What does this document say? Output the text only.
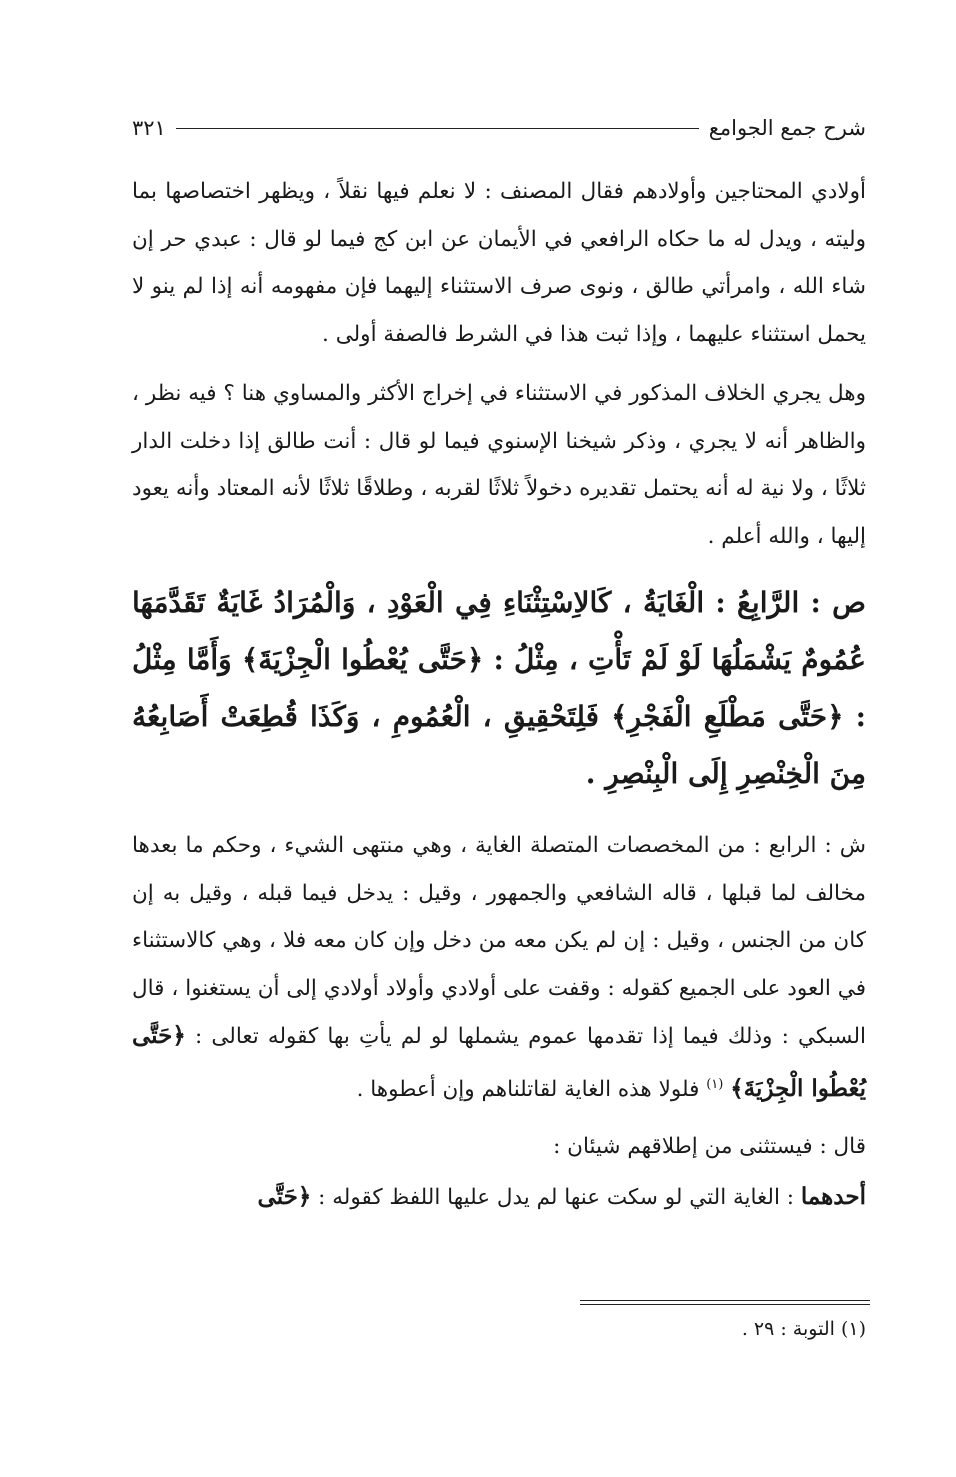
شرح جمع الجوامع
٣٢١

أولادي المحتاجين وأولادهم فقال المصنف : لا نعلم فيها نقلاً ، ويظهر اختصاصها بما وليته ، ويدل له ما حكاه الرافعي في الأيمان عن ابن كج فيما لو قال : عبدي حر إن شاء الله ، وامرأتي طالق ، ونوى صرف الاستثناء إليهما فإن مفهومه أنه إذا لم ينو لا يحمل استثناء عليهما ، وإذا ثبت هذا في الشرط فالصفة أولى .

وهل يجري الخلاف المذكور في الاستثناء في إخراج الأكثر والمساوي هنا ؟ فيه نظر ، والظاهر أنه لا يجري ، وذكر شيخنا الإسنوي فيما لو قال : أنت طالق إذا دخلت الدار ثلاثًا ، ولا نية له أنه يحتمل تقديره دخولاً ثلاثًا لقربه ، وطلاقًا ثلاثًا لأنه المعتاد وأنه يعود إليها ، والله أعلم .

ص : الرَّابِعُ : الْغَايَةُ ، كَالاِسْتِثْنَاءِ فِي الْعَوْدِ ، وَالْمُرَادُ غَايَةٌ تَقَدَّمَهَا عُمُومٌ يَشْمَلُهَا لَوْ لَمْ تَأْتِ ، مِثْلُ : ﴿حَتَّى يُعْطُوا الْجِزْيَةَ﴾ وَأَمَّا مِثْلُ : ﴿حَتَّى مَطْلَعِ الْفَجْرِ﴾ فَلِتَحْقِيقِ ، الْعُمُومِ ، وَكَذَا قُطِعَتْ أَصَابِعُهُ مِنَ الْخِنْصِرِ إِلَى الْبِنْصِرِ .

ش : الرابع : من المخصصات المتصلة الغاية ، وهي منتهى الشيء ، وحكم ما بعدها مخالف لما قبلها ، قاله الشافعي والجمهور ، وقيل : يدخل فيما قبله ، وقيل به إن كان من الجنس ، وقيل : إن لم يكن معه من دخل وإن كان معه فلا ، وهي كالاستثناء في العود على الجميع كقوله : وقفت على أولادي وأولاد أولادي إلى أن يستغنوا ، قال السبكي : وذلك فيما إذا تقدمها عموم يشملها لو لم يأتِ بها كقوله تعالى : ﴿حَتَّى يُعْطُوا الْجِزْيَةَ﴾ $^{(١)}$ فلولا هذه الغاية لقاتلناهم وإن أعطوها .

قال : فيستثنى من إطلاقهم شيئان :

أحدهما : الغاية التي لو سكت عنها لم يدل عليها اللفظ كقوله : ﴿حَتَّى

(١) التوبة : ٢٩ .
